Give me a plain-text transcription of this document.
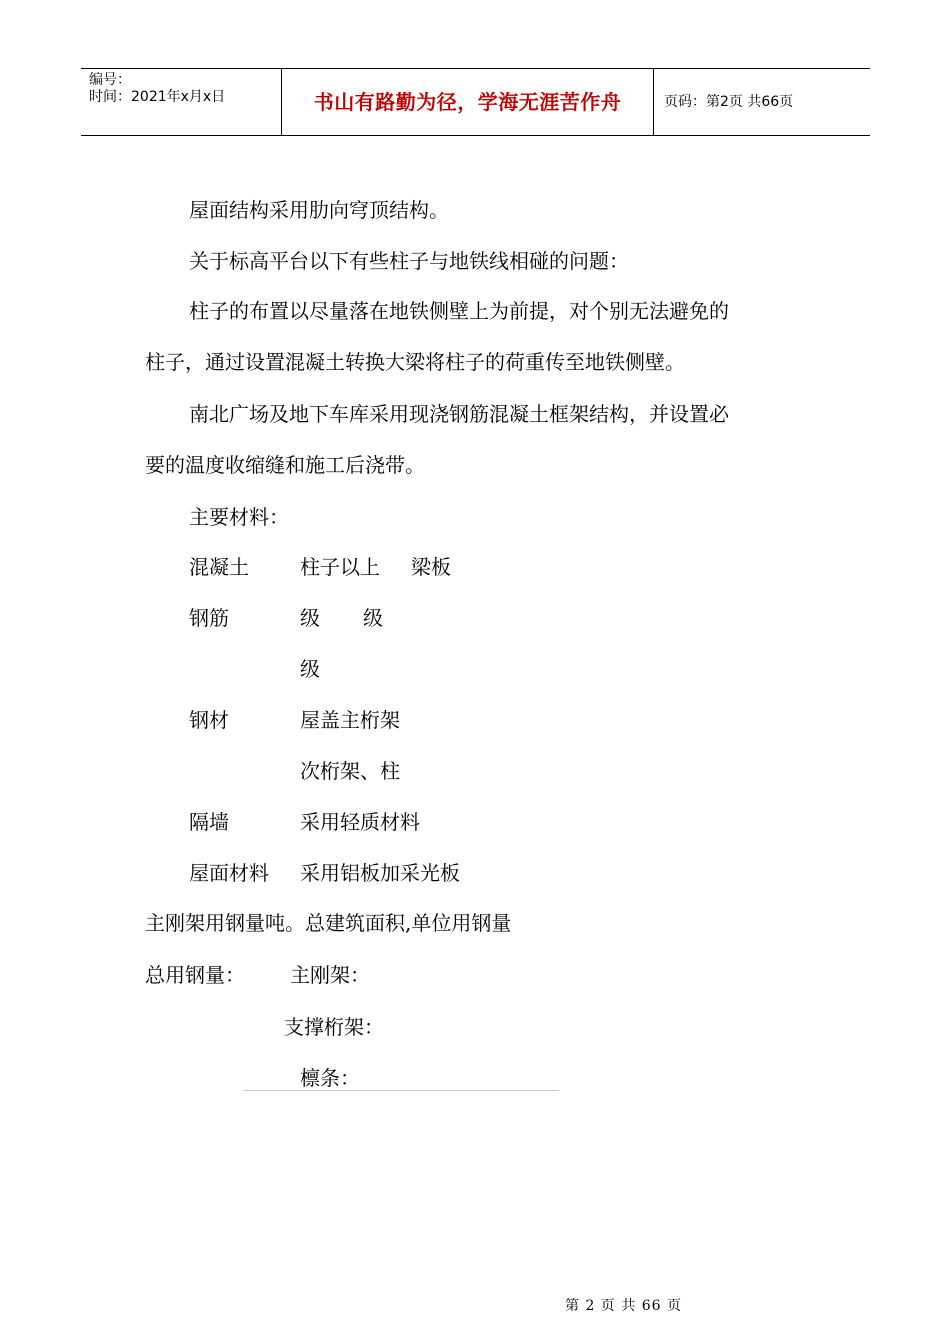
编号：
时间：2021年x月x日	书山有路勤为径，学海无涯苦作舟	页码：第2页 共66页
屋面结构采用肋向穹顶结构。
关于标高平台以下有些柱子与地铁线相碰的问题：
柱子的布置以尽量落在地铁侧壁上为前提，对个别无法避免的
柱子，通过设置混凝土转换大梁将柱子的荷重传至地铁侧壁。
南北广场及地下车库采用现浇钢筋混凝土框架结构，并设置必
要的温度收缩缝和施工后浇带。
主要材料：
混凝土	柱子以上 梁板
钢筋	级 级
级
钢材	屋盖主桁架
次桁架、柱
隔墙	采用轻质材料
屋面材料 采用铝板加采光板
主刚架用钢量吨。总建筑面积,单位用钢量
总用钢量： 主刚架：
支撑桁架：
檩条：
第 2 页 共 66 页
